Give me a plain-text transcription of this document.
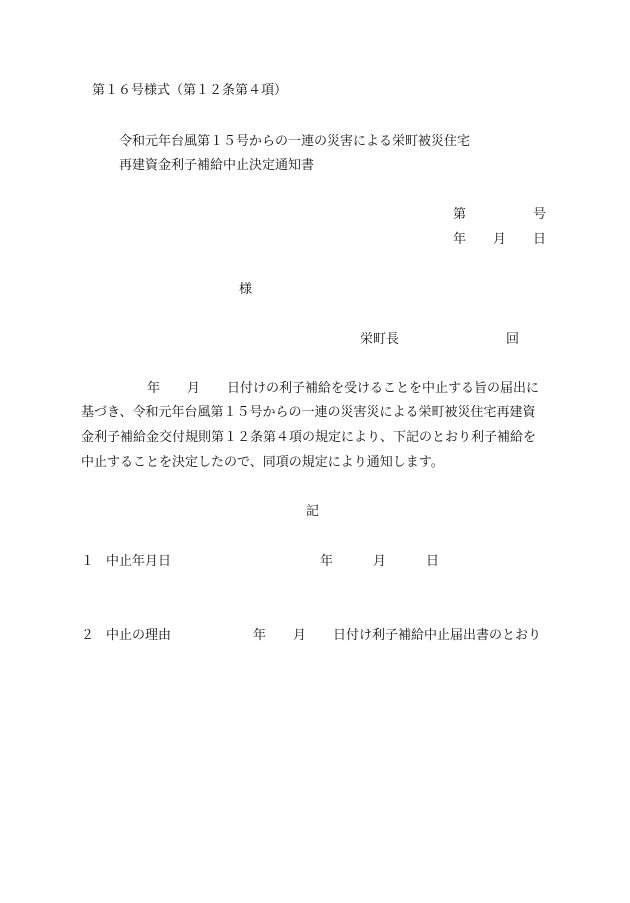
第１６号様式（第１２条第４項）
令和元年台風第１５号からの一連の災害による栄町被災住宅
再建資金利子補給中止決定通知書
第	号
年 月 日
様
栄町長	回
年 月 日付けの利子補給を受けることを中止する旨の届出に
基づき、令和元年台風第１５号からの一連の災害災による栄町被災住宅再建資
金利子補給金交付規則第１２条第４項の規定により、下記のとおり利子補給を
中止することを決定したので、同項の規定により通知します。
記
１ 中止年月日	年	月	日
２ 中止の理由	年 月 日付け利子補給中止届出書のとおり
